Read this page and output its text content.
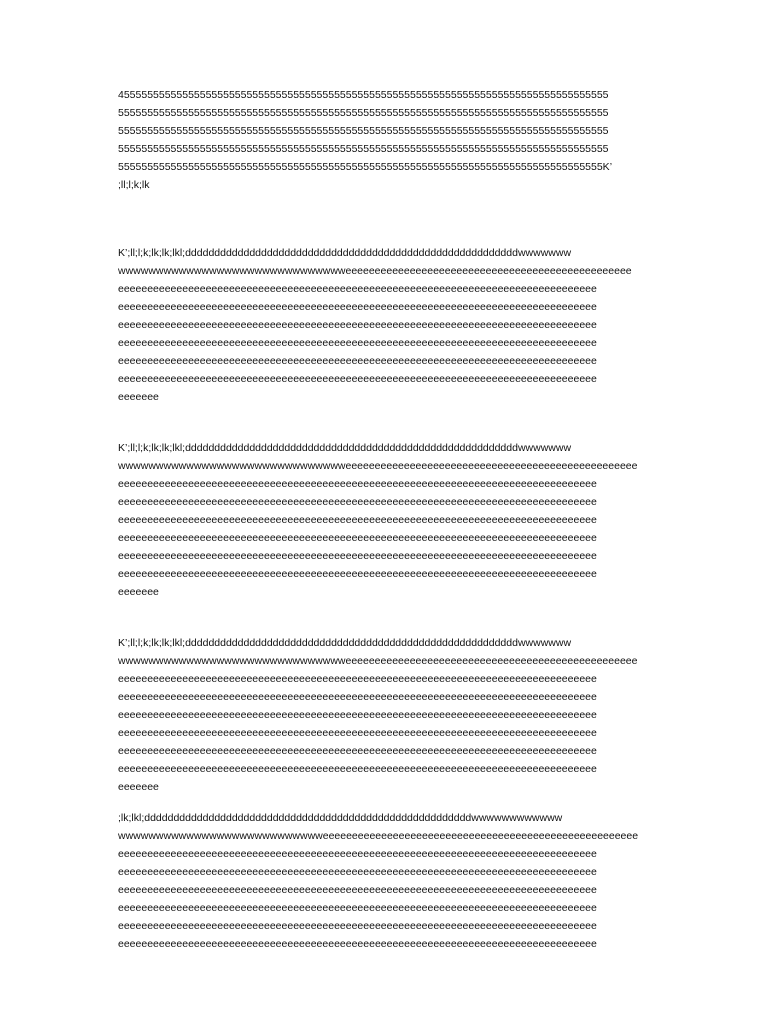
455555555555555555555555555555555555555555555555555555555555555555555555555555555555
555555555555555555555555555555555555555555555555555555555555555555555555555555555555
555555555555555555555555555555555555555555555555555555555555555555555555555555555555
555555555555555555555555555555555555555555555555555555555555555555555555555555555555
55555555555555555555555555555555555555555555555555555555555555555555555555555555555K’
;ll;l;k;lk
K’;ll;l;k;lk;lk;lkl;dddddddddddddddddddddddddddddddddddddddddddddddddddddddddwwwwwww
wwwwwwwwwwwwwwwwwwwwwwwwwwwwwweeeeeeeeeeeeeeeeeeeeeeeeeeeeeeeeeeeeeeeeeeeeeeeee
eeeeeeeeeeeeeeeeeeeeeeeeeeeeeeeeeeeeeeeeeeeeeeeeeeeeeeeeeeeeeeeeeeeeeeeeeeeeeeeeee
eeeeeeeeeeeeeeeeeeeeeeeeeeeeeeeeeeeeeeeeeeeeeeeeeeeeeeeeeeeeeeeeeeeeeeeeeeeeeeeeee
eeeeeeeeeeeeeeeeeeeeeeeeeeeeeeeeeeeeeeeeeeeeeeeeeeeeeeeeeeeeeeeeeeeeeeeeeeeeeeeeee
eeeeeeeeeeeeeeeeeeeeeeeeeeeeeeeeeeeeeeeeeeeeeeeeeeeeeeeeeeeeeeeeeeeeeeeeeeeeeeeeee
eeeeeeeeeeeeeeeeeeeeeeeeeeeeeeeeeeeeeeeeeeeeeeeeeeeeeeeeeeeeeeeeeeeeeeeeeeeeeeeeee
eeeeeeeeeeeeeeeeeeeeeeeeeeeeeeeeeeeeeeeeeeeeeeeeeeeeeeeeeeeeeeeeeeeeeeeeeeeeeeeeee
eeeeeee
K’;ll;l;k;lk;lk;lkl;dddddddddddddddddddddddddddddddddddddddddddddddddddddddddwwwwwww
wwwwwwwwwwwwwwwwwwwwwwwwwwwwwweeeeeeeeeeeeeeeeeeeeeeeeeeeeeeeeeeeeeeeeeeeeeeeeee
eeeeeeeeeeeeeeeeeeeeeeeeeeeeeeeeeeeeeeeeeeeeeeeeeeeeeeeeeeeeeeeeeeeeeeeeeeeeeeeeee
eeeeeeeeeeeeeeeeeeeeeeeeeeeeeeeeeeeeeeeeeeeeeeeeeeeeeeeeeeeeeeeeeeeeeeeeeeeeeeeeee
eeeeeeeeeeeeeeeeeeeeeeeeeeeeeeeeeeeeeeeeeeeeeeeeeeeeeeeeeeeeeeeeeeeeeeeeeeeeeeeeee
eeeeeeeeeeeeeeeeeeeeeeeeeeeeeeeeeeeeeeeeeeeeeeeeeeeeeeeeeeeeeeeeeeeeeeeeeeeeeeeeee
eeeeeeeeeeeeeeeeeeeeeeeeeeeeeeeeeeeeeeeeeeeeeeeeeeeeeeeeeeeeeeeeeeeeeeeeeeeeeeeeee
eeeeeeeeeeeeeeeeeeeeeeeeeeeeeeeeeeeeeeeeeeeeeeeeeeeeeeeeeeeeeeeeeeeeeeeeeeeeeeeeee
eeeeeee
K’;ll;l;k;lk;lk;lkl;dddddddddddddddddddddddddddddddddddddddddddddddddddddddddwwwwwww
wwwwwwwwwwwwwwwwwwwwwwwwwwwwwweeeeeeeeeeeeeeeeeeeeeeeeeeeeeeeeeeeeeeeeeeeeeeeeee
eeeeeeeeeeeeeeeeeeeeeeeeeeeeeeeeeeeeeeeeeeeeeeeeeeeeeeeeeeeeeeeeeeeeeeeeeeeeeeeeee
eeeeeeeeeeeeeeeeeeeeeeeeeeeeeeeeeeeeeeeeeeeeeeeeeeeeeeeeeeeeeeeeeeeeeeeeeeeeeeeeee
eeeeeeeeeeeeeeeeeeeeeeeeeeeeeeeeeeeeeeeeeeeeeeeeeeeeeeeeeeeeeeeeeeeeeeeeeeeeeeeeee
eeeeeeeeeeeeeeeeeeeeeeeeeeeeeeeeeeeeeeeeeeeeeeeeeeeeeeeeeeeeeeeeeeeeeeeeeeeeeeeeee
eeeeeeeeeeeeeeeeeeeeeeeeeeeeeeeeeeeeeeeeeeeeeeeeeeeeeeeeeeeeeeeeeeeeeeeeeeeeeeeeee
eeeeeeeeeeeeeeeeeeeeeeeeeeeeeeeeeeeeeeeeeeeeeeeeeeeeeeeeeeeeeeeeeeeeeeeeeeeeeeeeee
eeeeeee
;lk;lkl;ddddddddddddddddddddddddddddddddddddddddddddddddddddddddwwwwwwwwwwww
wwwwwwwwwwwwwwwwwwwwwwwwwwweeeeeeeeeeeeeeeeeeeeeeeeeeeeeeeeeeeeeeeeeeeeeeeeeeeeee
eeeeeeeeeeeeeeeeeeeeeeeeeeeeeeeeeeeeeeeeeeeeeeeeeeeeeeeeeeeeeeeeeeeeeeeeeeeeeeeeee
eeeeeeeeeeeeeeeeeeeeeeeeeeeeeeeeeeeeeeeeeeeeeeeeeeeeeeeeeeeeeeeeeeeeeeeeeeeeeeeeee
eeeeeeeeeeeeeeeeeeeeeeeeeeeeeeeeeeeeeeeeeeeeeeeeeeeeeeeeeeeeeeeeeeeeeeeeeeeeeeeeee
eeeeeeeeeeeeeeeeeeeeeeeeeeeeeeeeeeeeeeeeeeeeeeeeeeeeeeeeeeeeeeeeeeeeeeeeeeeeeeeeee
eeeeeeeeeeeeeeeeeeeeeeeeeeeeeeeeeeeeeeeeeeeeeeeeeeeeeeeeeeeeeeeeeeeeeeeeeeeeeeeeee
eeeeeeeeeeeeeeeeeeeeeeeeeeeeeeeeeeeeeeeeeeeeeeeeeeeeeeeeeeeeeeeeeeeeeeeeeeeeeeeeee
